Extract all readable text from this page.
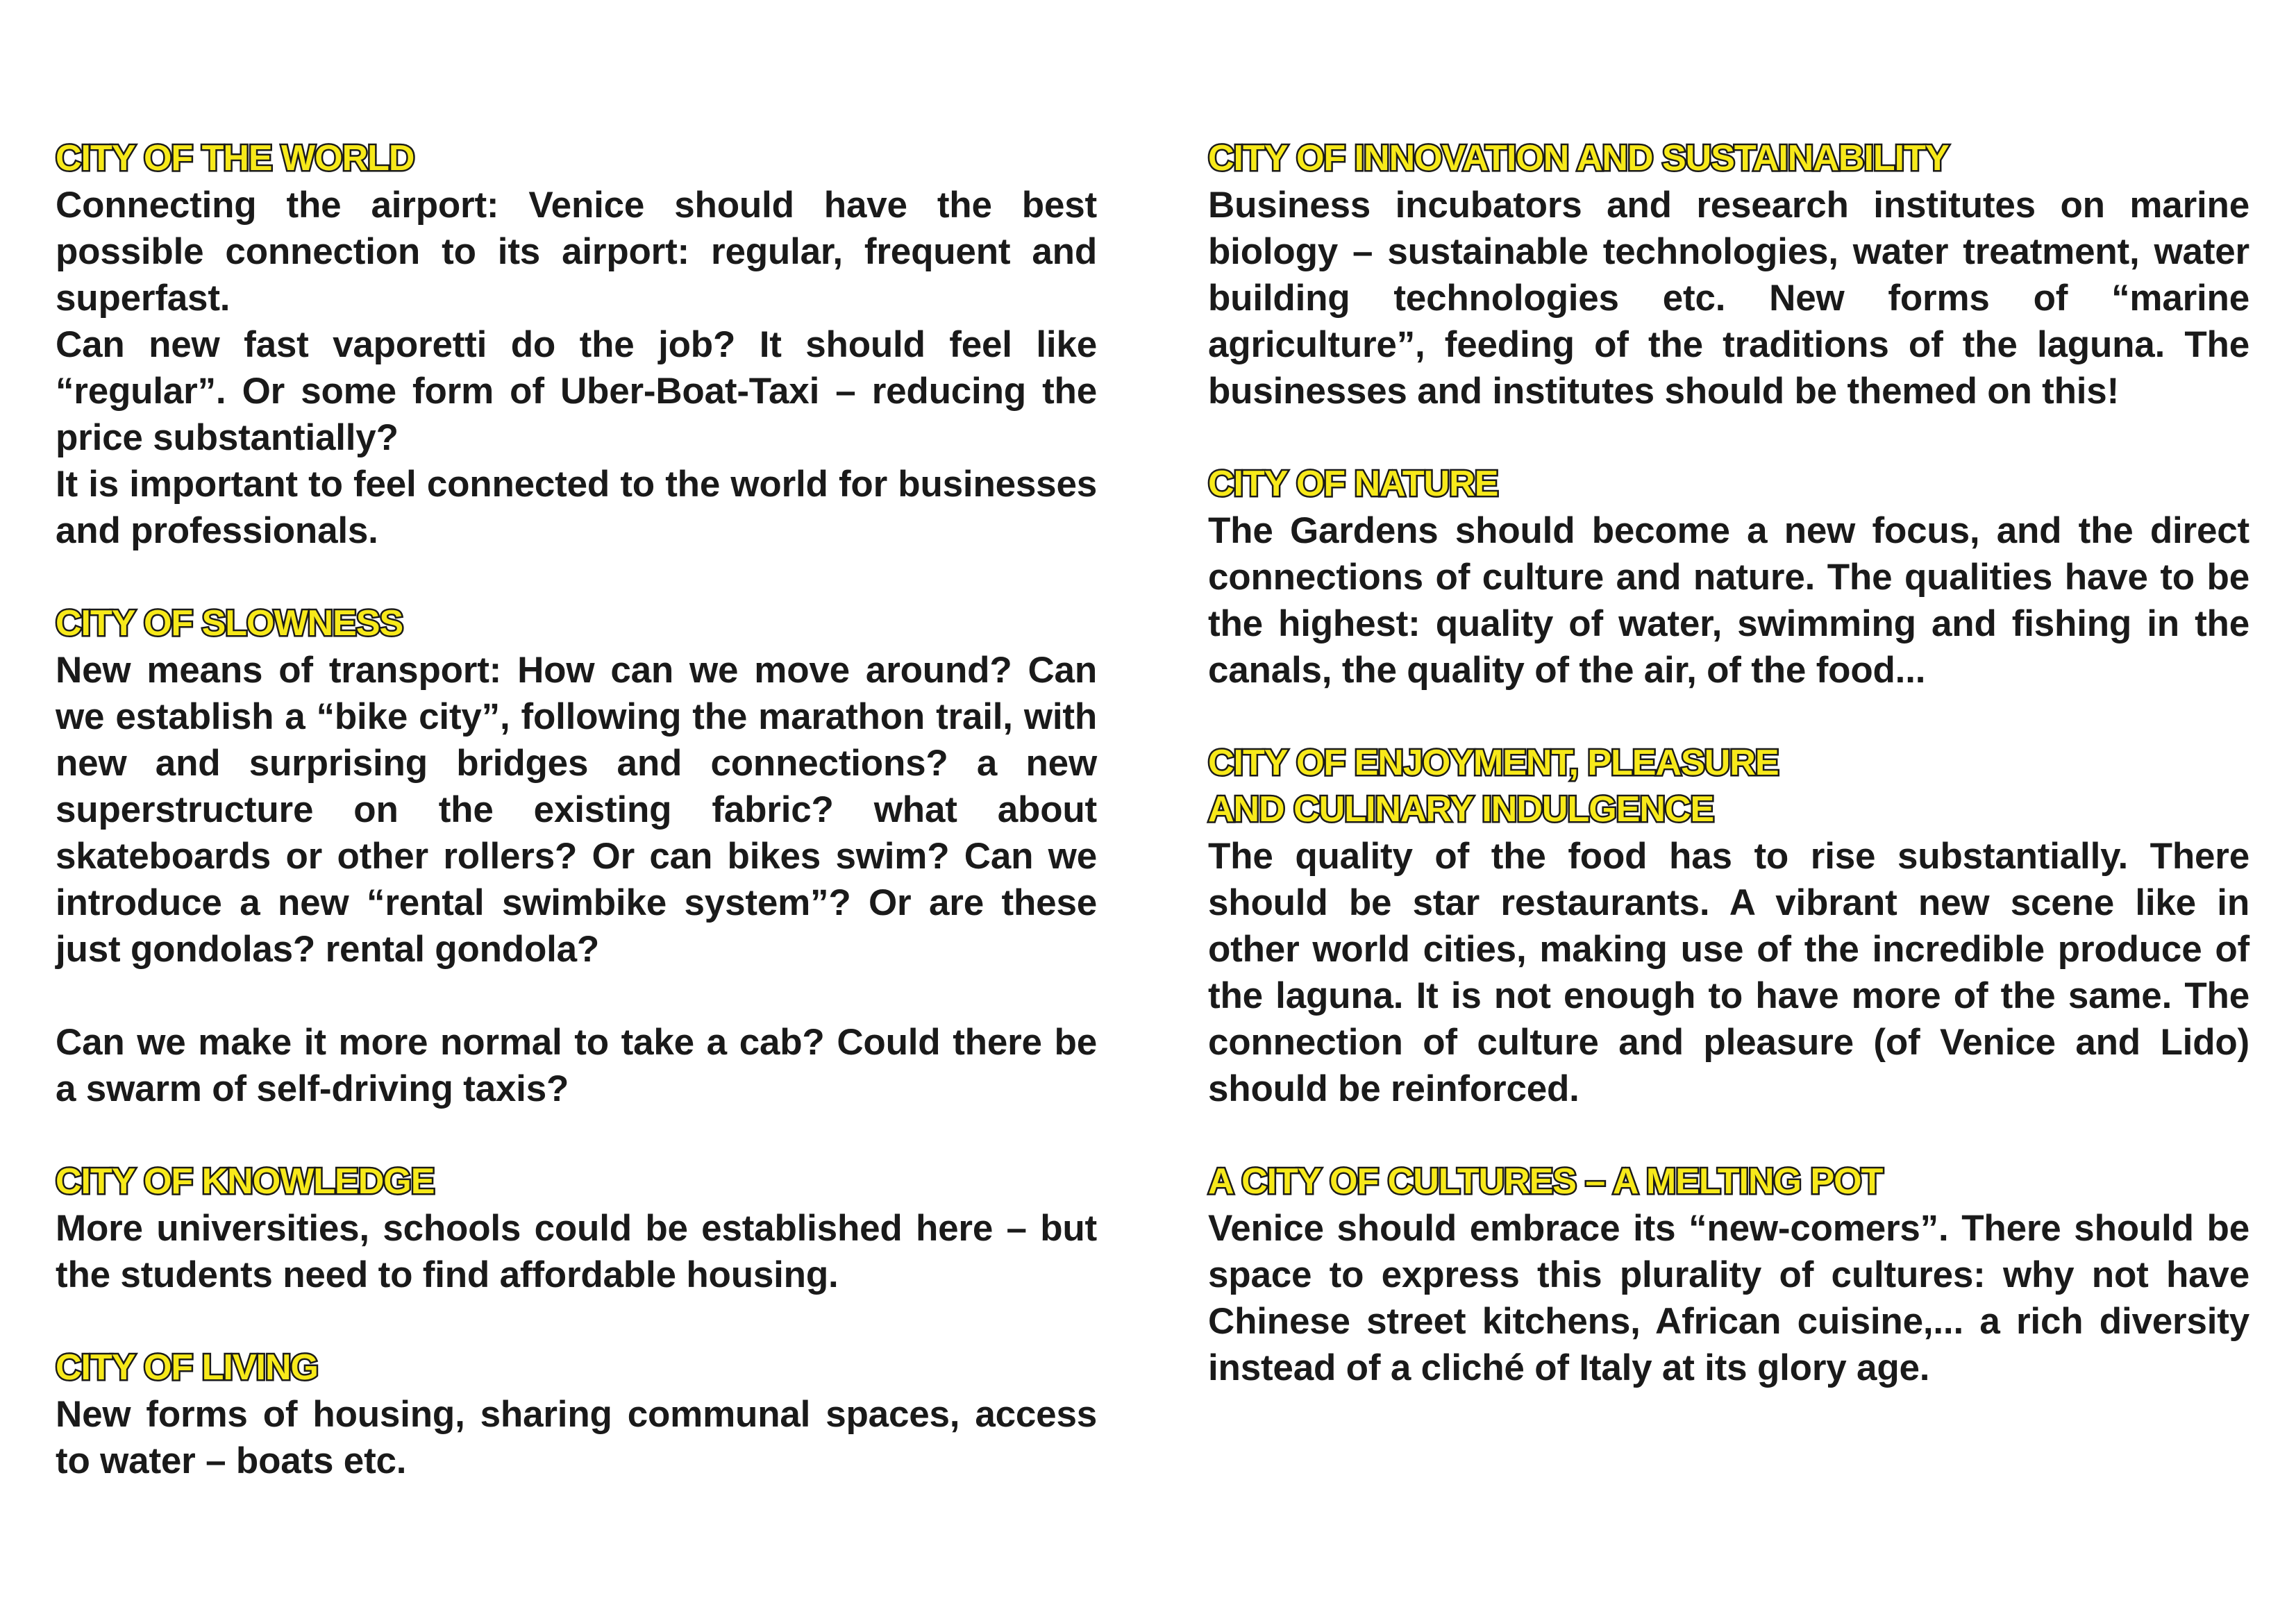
CITY OF THE WORLD

Connecting the airport: Venice should have the best possible connection to its airport: regular, frequent and superfast.

Can new fast vaporetti do the job? It should feel like “regular”. Or some form of Uber-Boat-Taxi – reducing the price substantially?

It is important to feel connected to the world for businesses and professionals.

CITY OF SLOWNESS

New means of transport: How can we move around? Can we establish a “bike city”, following the marathon trail, with new and surprising bridges and connections? a new superstructure on the existing fabric? what about skateboards or other rollers? Or can bikes swim? Can we introduce a new “rental swimbike system”? Or are these just gondolas? rental gondola?

Can we make it more normal to take a cab? Could there be a swarm of self-driving taxis?

CITY OF KNOWLEDGE

More universities, schools could be established here – but the students need to find affordable housing.

CITY OF LIVING

New forms of housing, sharing communal spaces, access to water – boats etc.

CITY OF INNOVATION AND SUSTAINABILITY

Business incubators and research institutes on marine biology – sustainable technologies, water treatment, water building technologies etc. New forms of “marine agriculture”, feeding of the traditions of the laguna. The businesses and institutes should be themed on this!

CITY OF NATURE

The Gardens should become a new focus, and the direct connections of culture and nature. The qualities have to be the highest: quality of water, swimming and fishing in the canals, the quality of the air, of the food...

CITY OF ENJOYMENT, PLEASURE
AND CULINARY INDULGENCE

The quality of the food has to rise substantially. There should be star restaurants. A vibrant new scene like in other world cities, making use of the incredible produce of the laguna. It is not enough to have more of the same. The connection of culture and pleasure (of Venice and Lido) should be reinforced.

A CITY OF CULTURES – A MELTING POT

Venice should embrace its “new-comers”. There should be space to express this plurality of cultures: why not have Chinese street kitchens, African cuisine,... a rich diversity instead of a cliché of Italy at its glory age.
